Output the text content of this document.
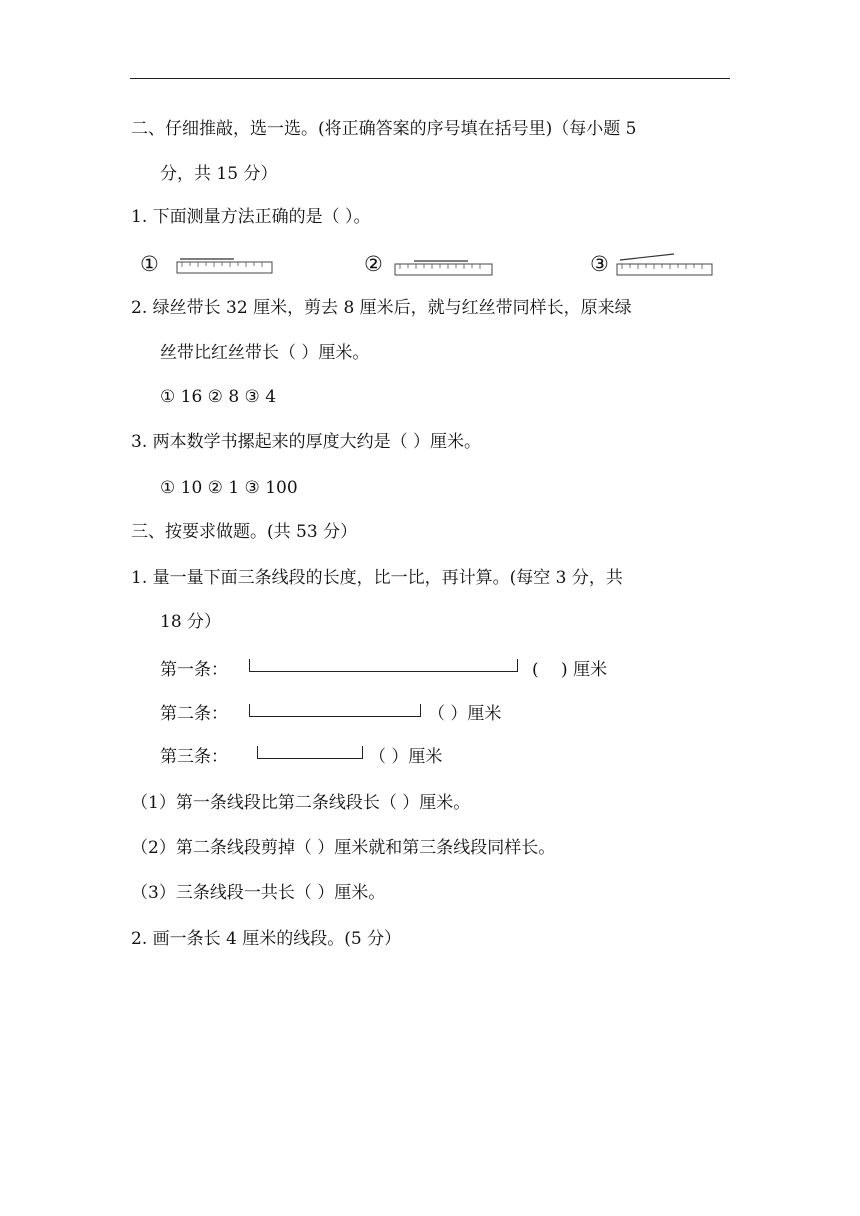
二、仔细推敲，选一选。(将正确答案的序号填在括号里)（每小题 5
分，共 15 分）
1. 下面测量方法正确的是（ ）。
①	②	③
2. 绿丝带长 32 厘米，剪去 8 厘米后，就与红丝带同样长，原来绿
丝带比红丝带长（ ）厘米。
① 16 ② 8 ③ 4
3. 两本数学书摞起来的厚度大约是（ ）厘米。
① 10 ② 1 ③ 100
三、按要求做题。(共 53 分）
1. 量一量下面三条线段的长度，比一比，再计算。(每空 3 分，共
18 分）
第一条：	(　 ) 厘米
第二条：	（ ）厘米
第三条：	（ ）厘米
（1）第一条线段比第二条线段长（ ）厘米。
（2）第二条线段剪掉（ ）厘米就和第三条线段同样长。
（3）三条线段一共长（ ）厘米。
2. 画一条长 4 厘米的线段。(5 分）
